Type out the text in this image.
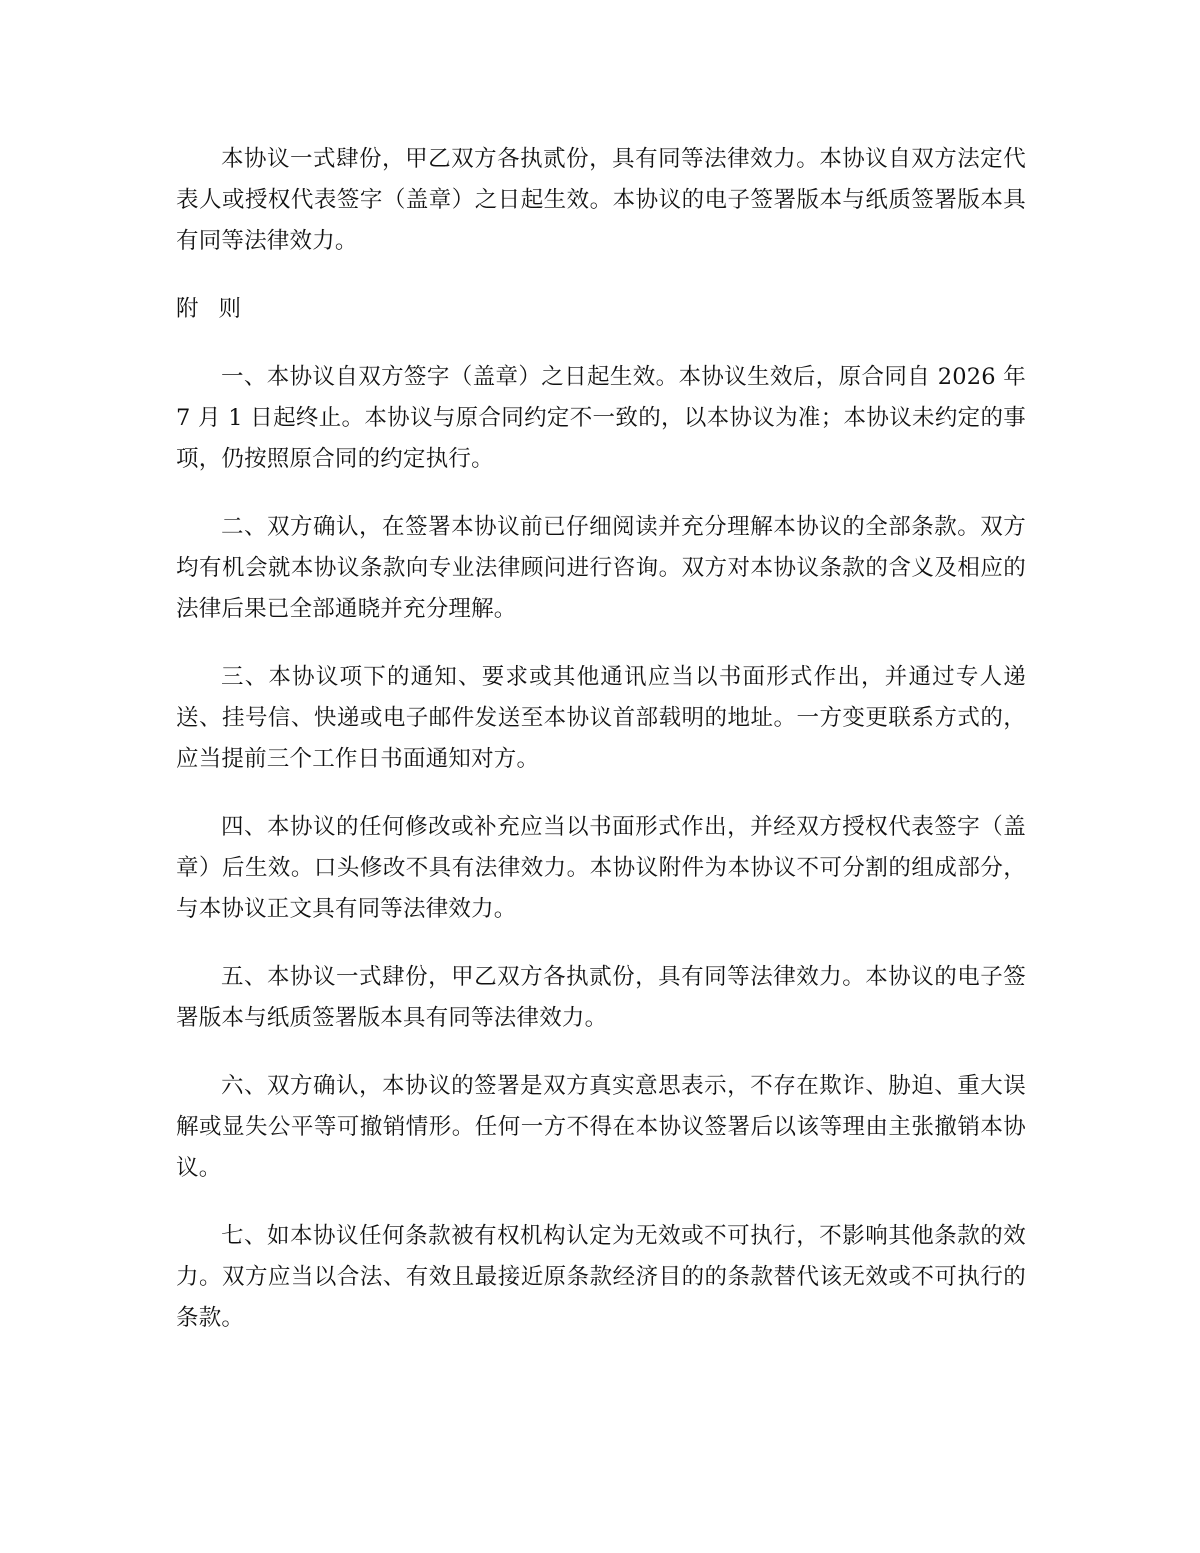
本协议一式肆份，甲乙双方各执贰份，具有同等法律效力。本协议自双方法定代表人或授权代表签字（盖章）之日起生效。本协议的电子签署版本与纸质签署版本具有同等法律效力。

附 则

一、本协议自双方签字（盖章）之日起生效。本协议生效后，原合同自 2026 年 7 月 1 日起终止。本协议与原合同约定不一致的，以本协议为准；本协议未约定的事项，仍按照原合同的约定执行。

二、双方确认，在签署本协议前已仔细阅读并充分理解本协议的全部条款。双方均有机会就本协议条款向专业法律顾问进行咨询。双方对本协议条款的含义及相应的法律后果已全部通晓并充分理解。

三、本协议项下的通知、要求或其他通讯应当以书面形式作出，并通过专人递送、挂号信、快递或电子邮件发送至本协议首部载明的地址。一方变更联系方式的，应当提前三个工作日书面通知对方。

四、本协议的任何修改或补充应当以书面形式作出，并经双方授权代表签字（盖章）后生效。口头修改不具有法律效力。本协议附件为本协议不可分割的组成部分，与本协议正文具有同等法律效力。

五、本协议一式肆份，甲乙双方各执贰份，具有同等法律效力。本协议的电子签署版本与纸质签署版本具有同等法律效力。

六、双方确认，本协议的签署是双方真实意思表示，不存在欺诈、胁迫、重大误解或显失公平等可撤销情形。任何一方不得在本协议签署后以该等理由主张撤销本协议。

七、如本协议任何条款被有权机构认定为无效或不可执行，不影响其他条款的效力。双方应当以合法、有效且最接近原条款经济目的的条款替代该无效或不可执行的条款。
